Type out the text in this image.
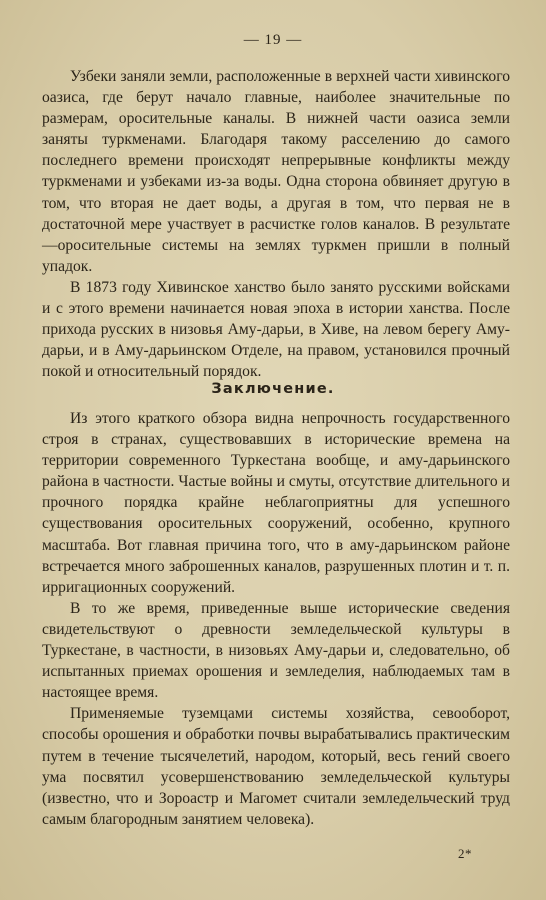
— 19 —

Узбеки заняли земли, расположенные в верхней части хивинского оазиса, где берут начало главные, наиболее значительные по размерам, оросительные каналы. В нижней части оазиса земли заняты туркменами. Благодаря такому расселению до самого последнего времени происходят непрерывные конфликты между туркменами и узбеками из-за воды. Одна сторона обвиняет другую в том, что вторая не дает воды, а другая в том, что первая не в достаточной мере участвует в расчистке голов каналов. В результате—оросительные системы на землях туркмен пришли в полный упадок.

В 1873 году Хивинское ханство было занято русскими войсками и с этого времени начинается новая эпоха в истории ханства. После прихода русских в низовья Аму-дарьи, в Хиве, на левом берегу Аму-дарьи, и в Аму-дарьинском Отделе, на правом, установился прочный покой и относительный порядок.

Заключение.

Из этого краткого обзора видна непрочность государственного строя в странах, существовавших в исторические времена на территории современного Туркестана вообще, и аму-дарьинского района в частности. Частые войны и смуты, отсутствие длительного и прочного порядка крайне неблагоприятны для успешного существования оросительных сооружений, особенно, крупного масштаба. Вот главная причина того, что в аму-дарьинском районе встречается много заброшенных каналов, разрушенных плотин и т. п. ирригационных сооружений.

В то же время, приведенные выше исторические сведения свидетельствуют о древности земледельческой культуры в Туркестане, в частности, в низовьях Аму-дарьи и, следовательно, об испытанных приемах орошения и земледелия, наблюдаемых там в настоящее время.

Применяемые туземцами системы хозяйства, севооборот, способы орошения и обработки почвы вырабатывались практическим путем в течение тысячелетий, народом, который, весь гений своего ума посвятил усовершенствованию земледельческой культуры (известно, что и Зороастр и Магомет считали земледельческий труд самым благородным занятием человека).

2*
